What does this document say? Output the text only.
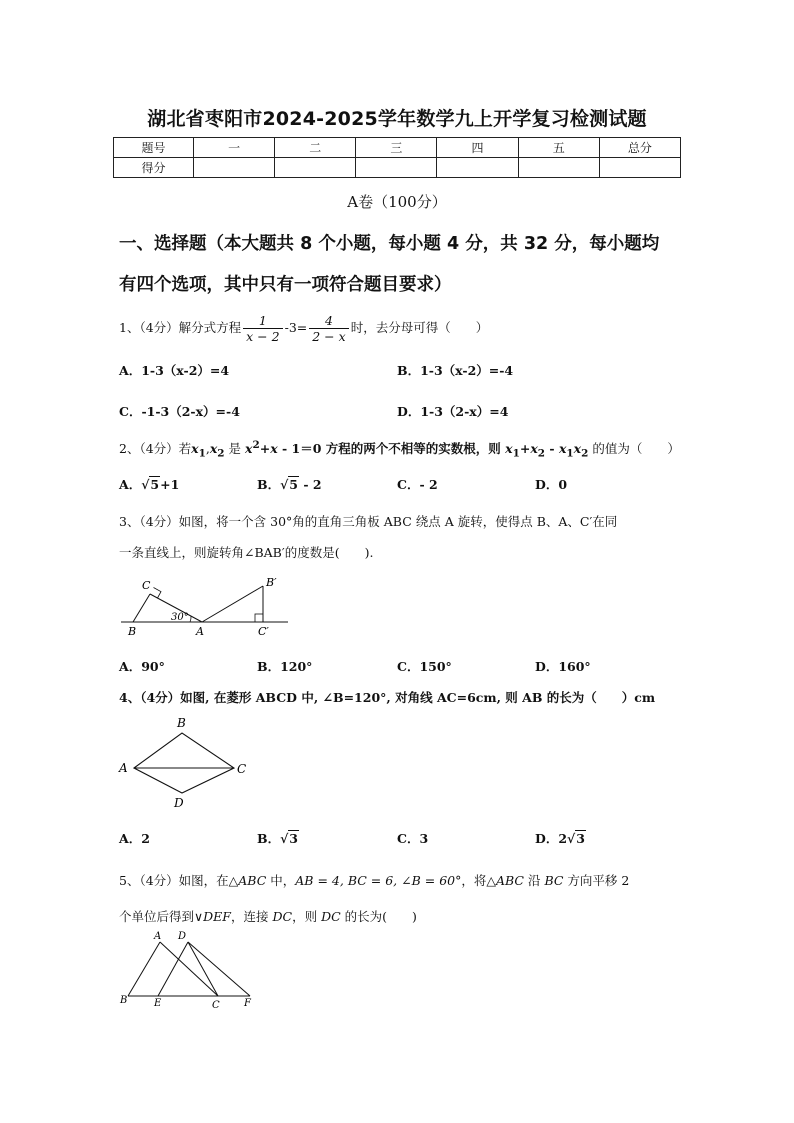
湖北省枣阳市2024-2025学年数学九上开学复习检测试题
题号	一	二	三	四	五	总分
得分						
A卷（100分）
一、选择题（本大题共 8 个小题，每小题 4 分，共 32 分，每小题均
有四个选项，其中只有一项符合题目要求）
1、（4分）解分式方程 $\frac{1}{x - 2} -3= \frac{4}{2 - x}$ 时，去分母可得（　　）
A．1-3（x-2）=4	B．1-3（x-2）=-4
C．-1-3（2-x）=-4	D．1-3（2-x）=4
2、（4分）若$x_1,x_2$ 是 $x^2+x - 1=0$ 方程的两个不相等的实数根，则 $x_1+x_2 - x_1x_2$ 的值为（　　）
A．√5+1	B．√5 - 2	C．- 2	D．0
3、（4分）如图，将一个含 30°角的直角三角板 ABC 绕点 A 旋转，使得点 B、A、C′在同
一条直线上，则旋转角∠BAB′的度数是(　　).
C
B	A
B′
C′
30°
A．90°	B．120°	C．150°	D．160°
4、（4分）如图, 在菱形 ABCD 中, ∠B=120°, 对角线 AC=6cm, 则 AB 的长为（　　）cm
B
A	C
D
A．2	B．√3	C．3	D．2√3
5、（4分）如图，在△ABC 中，AB = 4, BC = 6, ∠B = 60°，将△ABC 沿 BC 方向平移 2
个单位后得到∨DEF，连接 DC，则 DC 的长为(　　)
A D
B	E	C F
